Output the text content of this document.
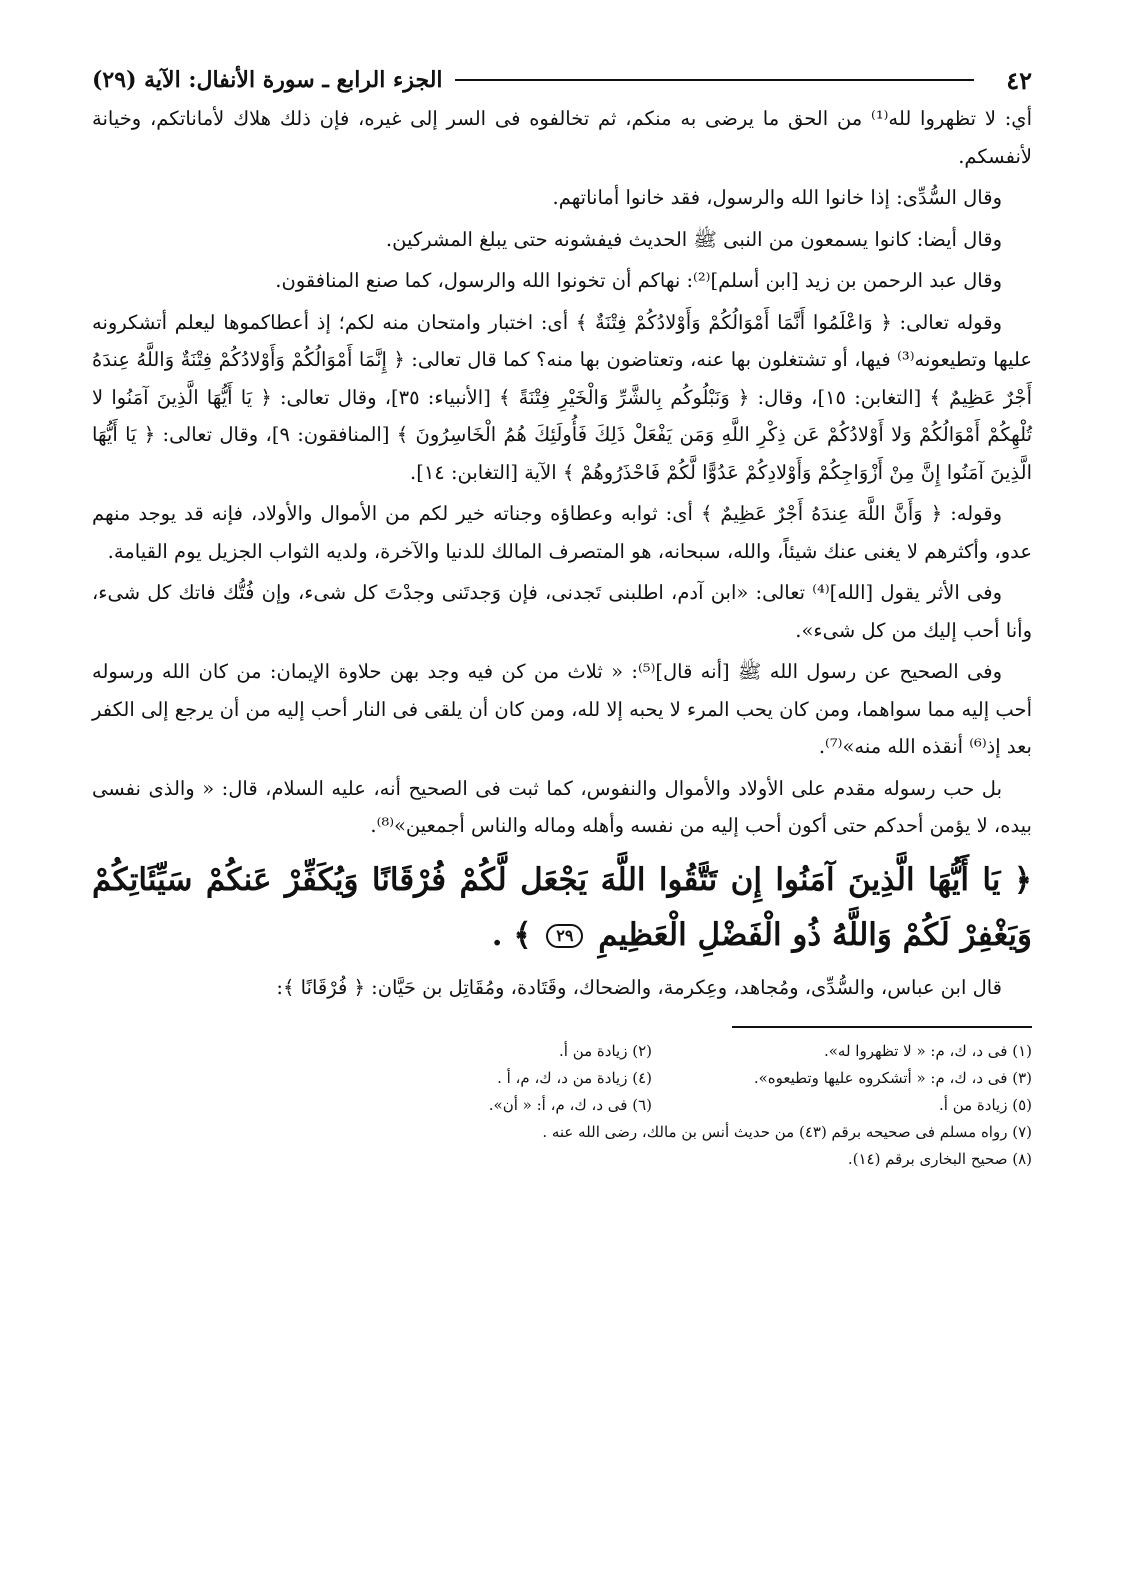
٤٢
الجزء الرابع ـ سورة الأنفال: الآية (٢٩)

أي: لا تظهروا لله⁽¹⁾ من الحق ما يرضى به منكم، ثم تخالفوه فى السر إلى غيره، فإن ذلك هلاك لأماناتكم، وخيانة لأنفسكم.

وقال السُّدِّى: إذا خانوا الله والرسول، فقد خانوا أماناتهم.

وقال أيضا: كانوا يسمعون من النبى ﷺ الحديث فيفشونه حتى يبلغ المشركين.

وقال عبد الرحمن بن زيد [ابن أسلم]⁽²⁾: نهاكم أن تخونوا الله والرسول، كما صنع المنافقون.

وقوله تعالى: ﴿ وَاعْلَمُوا أَنَّمَا أَمْوَالُكُمْ وَأَوْلادُكُمْ فِتْنَةٌ ﴾ أى: اختبار وامتحان منه لكم؛ إذ أعطاكموها ليعلم أتشكرونه عليها وتطيعونه⁽³⁾ فيها، أو تشتغلون بها عنه، وتعتاضون بها منه؟ كما قال تعالى: ﴿ إِنَّمَا أَمْوَالُكُمْ وَأَوْلادُكُمْ فِتْنَةٌ وَاللَّهُ عِندَهُ أَجْرٌ عَظِيمٌ ﴾ [التغابن: ١٥]، وقال: ﴿ وَنَبْلُوكُم بِالشَّرِّ وَالْخَيْرِ فِتْنَةً ﴾ [الأنبياء: ٣٥]، وقال تعالى: ﴿ يَا أَيُّهَا الَّذِينَ آمَنُوا لا تُلْهِكُمْ أَمْوَالُكُمْ وَلا أَوْلادُكُمْ عَن ذِكْرِ اللَّهِ وَمَن يَفْعَلْ ذَلِكَ فَأُولَئِكَ هُمُ الْخَاسِرُونَ ﴾ [المنافقون: ٩]، وقال تعالى: ﴿ يَا أَيُّهَا الَّذِينَ آمَنُوا إِنَّ مِنْ أَزْوَاجِكُمْ وَأَوْلادِكُمْ عَدُوًّا لَّكُمْ فَاحْذَرُوهُمْ ﴾ الآية [التغابن: ١٤].

وقوله: ﴿ وَأَنَّ اللَّهَ عِندَهُ أَجْرٌ عَظِيمٌ ﴾ أى: ثوابه وعطاؤه وجناته خير لكم من الأموال والأولاد، فإنه قد يوجد منهم عدو، وأكثرهم لا يغنى عنك شيئاً، والله، سبحانه، هو المتصرف المالك للدنيا والآخرة، ولديه الثواب الجزيل يوم القيامة.

وفى الأثر يقول [الله]⁽⁴⁾ تعالى: «ابن آدم، اطلبنى تَجدنى، فإن وَجدتَنى وجدْتَ كل شىء، وإن فُتُّك فاتك كل شىء، وأنا أحب إليك من كل شىء».

وفى الصحيح عن رسول الله ﷺ [أنه قال]⁽⁵⁾: « ثلاث من كن فيه وجد بهن حلاوة الإيمان: من كان الله ورسوله أحب إليه مما سواهما، ومن كان يحب المرء لا يحبه إلا لله، ومن كان أن يلقى فى النار أحب إليه من أن يرجع إلى الكفر بعد إذ⁽⁶⁾ أنقذه الله منه»⁽⁷⁾.

بل حب رسوله مقدم على الأولاد والأموال والنفوس، كما ثبت فى الصحيح أنه، عليه السلام، قال: « والذى نفسى بيده، لا يؤمن أحدكم حتى أكون أحب إليه من نفسه وأهله وماله والناس أجمعين»⁽⁸⁾.

﴿ يَا أَيُّهَا الَّذِينَ آمَنُوا إِن تَتَّقُوا اللَّهَ يَجْعَل لَّكُمْ فُرْقَانًا وَيُكَفِّرْ عَنكُمْ سَيِّئَاتِكُمْ وَيَغْفِرْ لَكُمْ وَاللَّهُ ذُو الْفَضْلِ الْعَظِيمِ ٢٩ ﴾ .

قال ابن عباس، والسُّدِّى، ومُجاهد، وعِكرمة، والضحاك، وقَتَادة، ومُقَاتِل بن حَيَّان: ﴿ فُرْقَانًا ﴾:

(١) فى د، ك، م: « لا تظهروا له».
(٢) زيادة من أ.
(٣) فى د، ك، م: « أتشكروه عليها وتطيعوه».
(٤) زيادة من د، ك، م، أ .
(٥) زيادة من أ.
(٦) فى د، ك، م، أ: « أن».
(٧) رواه مسلم فى صحيحه برقم (٤٣) من حديث أنس بن مالك، رضى الله عنه .
(٨) صحيح البخارى برقم (١٤).
